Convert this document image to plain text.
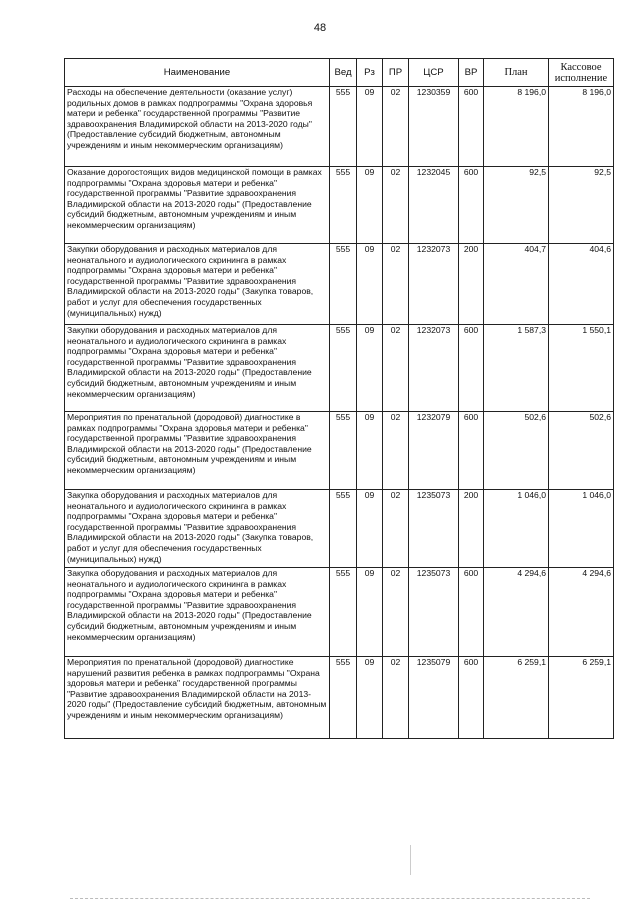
48
Наименование	Вед	Рз	ПР	ЦСР	ВР	План	Кассовое исполнение
Расходы на обеспечение деятельности (оказание услуг) родильных домов в рамках подпрограммы "Охрана здоровья матери и ребенка" государственной программы "Развитие здравоохранения Владимирской области на 2013-2020 годы" (Предоставление субсидий бюджетным, автономным учреждениям и иным некоммерческим организациям)	555	09	02	1230359	600	8 196,0	8 196,0
Оказание дорогостоящих видов медицинской помощи в рамках подпрограммы "Охрана здоровья матери и ребенка" государственной программы "Развитие здравоохранения Владимирской области на 2013-2020 годы" (Предоставление субсидий бюджетным, автономным учреждениям и иным некоммерческим организациям)	555	09	02	1232045	600	92,5	92,5
Закупки оборудования и расходных материалов для неонатального и аудиологического скрининга в рамках подпрограммы "Охрана здоровья матери и ребенка" государственной программы "Развитие здравоохранения Владимирской области на 2013-2020 годы" (Закупка товаров, работ и услуг для обеспечения государственных (муниципальных) нужд)	555	09	02	1232073	200	404,7	404,6
Закупки оборудования и расходных материалов для неонатального и аудиологического скрининга в рамках подпрограммы "Охрана здоровья матери и ребенка" государственной программы "Развитие здравоохранения Владимирской области на 2013-2020 годы" (Предоставление субсидий бюджетным, автономным учреждениям и иным некоммерческим организациям)	555	09	02	1232073	600	1 587,3	1 550,1
Мероприятия по пренатальной (дородовой) диагностике в рамках подпрограммы "Охрана здоровья матери и ребенка" государственной программы "Развитие здравоохранения Владимирской области на 2013-2020 годы" (Предоставление субсидий бюджетным, автономным учреждениям и иным некоммерческим организациям)	555	09	02	1232079	600	502,6	502,6
Закупка оборудования и расходных материалов для неонатального и аудиологического скрининга в рамках подпрограммы "Охрана здоровья матери и ребенка" государственной программы "Развитие здравоохранения Владимирской области на 2013-2020 годы" (Закупка товаров, работ и услуг для обеспечения государственных (муниципальных) нужд)	555	09	02	1235073	200	1 046,0	1 046,0
Закупка оборудования и расходных материалов для неонатального и аудиологического скрининга в рамках подпрограммы "Охрана здоровья матери и ребенка" государственной программы "Развитие здравоохранения Владимирской области на 2013-2020 годы" (Предоставление субсидий бюджетным, автономным учреждениям и иным некоммерческим организациям)	555	09	02	1235073	600	4 294,6	4 294,6
Мероприятия по пренатальной (дородовой) диагностике нарушений развития ребенка в рамках подпрограммы "Охрана здоровья матери и ребенка" государственной программы "Развитие здравоохранения Владимирской области на 2013-2020 годы" (Предоставление субсидий бюджетным, автономным учреждениям и иным некоммерческим организациям)	555	09	02	1235079	600	6 259,1	6 259,1
